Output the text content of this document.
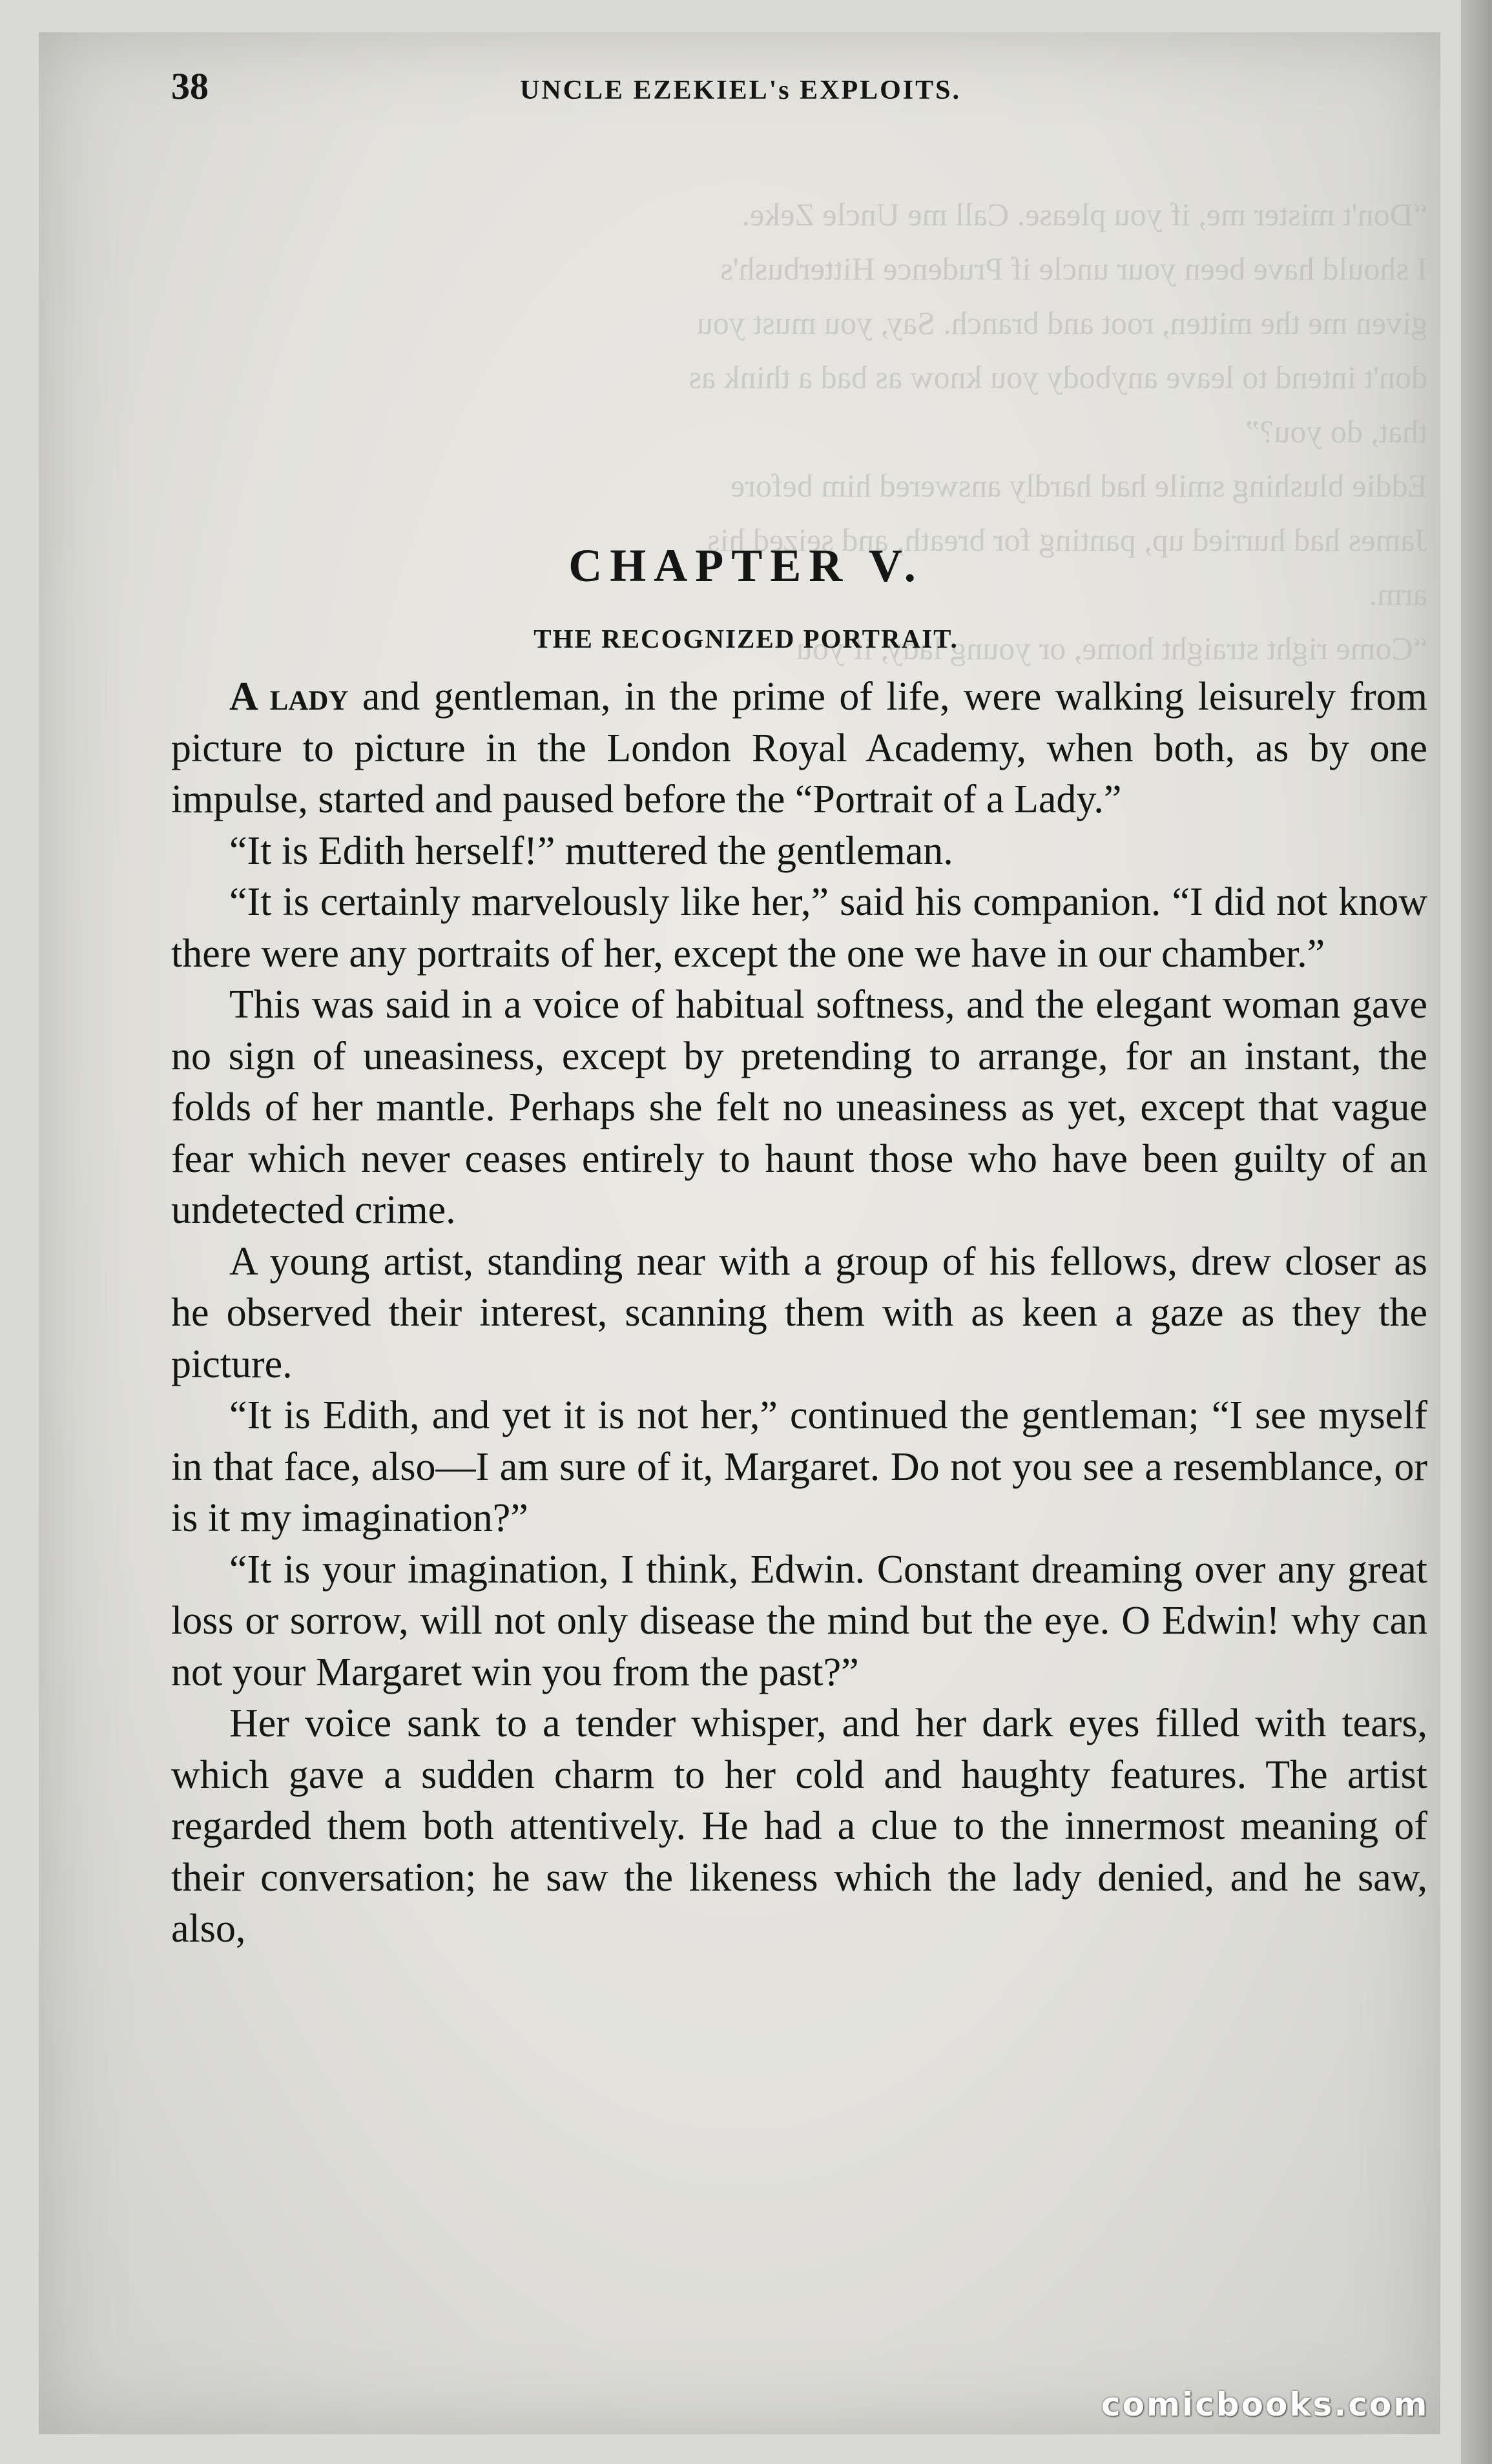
“Don't mister me, if you please. Call me Uncle Zeke.
I should have been your uncle if Prudence Hitterbush's
given me the mitten, root and branch. Say, you must you
don't intend to leave anybody you know as bad a think as
that, do you?”
Eddie blushing smile had hardly answered him before
James had hurried up, panting for breath, and seized his
arm.
“Come right straight home, or young lady, if you
38	UNCLE EZEKIEL's EXPLOITS.
CHAPTER V.
THE RECOGNIZED PORTRAIT.

A lady and gentleman, in the prime of life, were walking leisurely from picture to picture in the London Royal Academy, when both, as by one impulse, started and paused before the “Portrait of a Lady.”

“It is Edith herself!” muttered the gentleman.

“It is certainly marvelously like her,” said his companion. “I did not know there were any portraits of her, except the one we have in our chamber.”

This was said in a voice of habitual softness, and the elegant woman gave no sign of uneasiness, except by pretending to arrange, for an instant, the folds of her mantle. Perhaps she felt no uneasiness as yet, except that vague fear which never ceases entirely to haunt those who have been guilty of an undetected crime.

A young artist, standing near with a group of his fellows, drew closer as he observed their interest, scanning them with as keen a gaze as they the picture.

“It is Edith, and yet it is not her,” continued the gentleman; “I see myself in that face, also—I am sure of it, Margaret. Do not you see a resemblance, or is it my imagination?”

“It is your imagination, I think, Edwin. Constant dreaming over any great loss or sorrow, will not only disease the mind but the eye. O Edwin! why can not your Margaret win you from the past?”

Her voice sank to a tender whisper, and her dark eyes filled with tears, which gave a sudden charm to her cold and haughty features. The artist regarded them both attentively. He had a clue to the innermost meaning of their conversation; he saw the likeness which the lady denied, and he saw, also,

comicbooks.com
